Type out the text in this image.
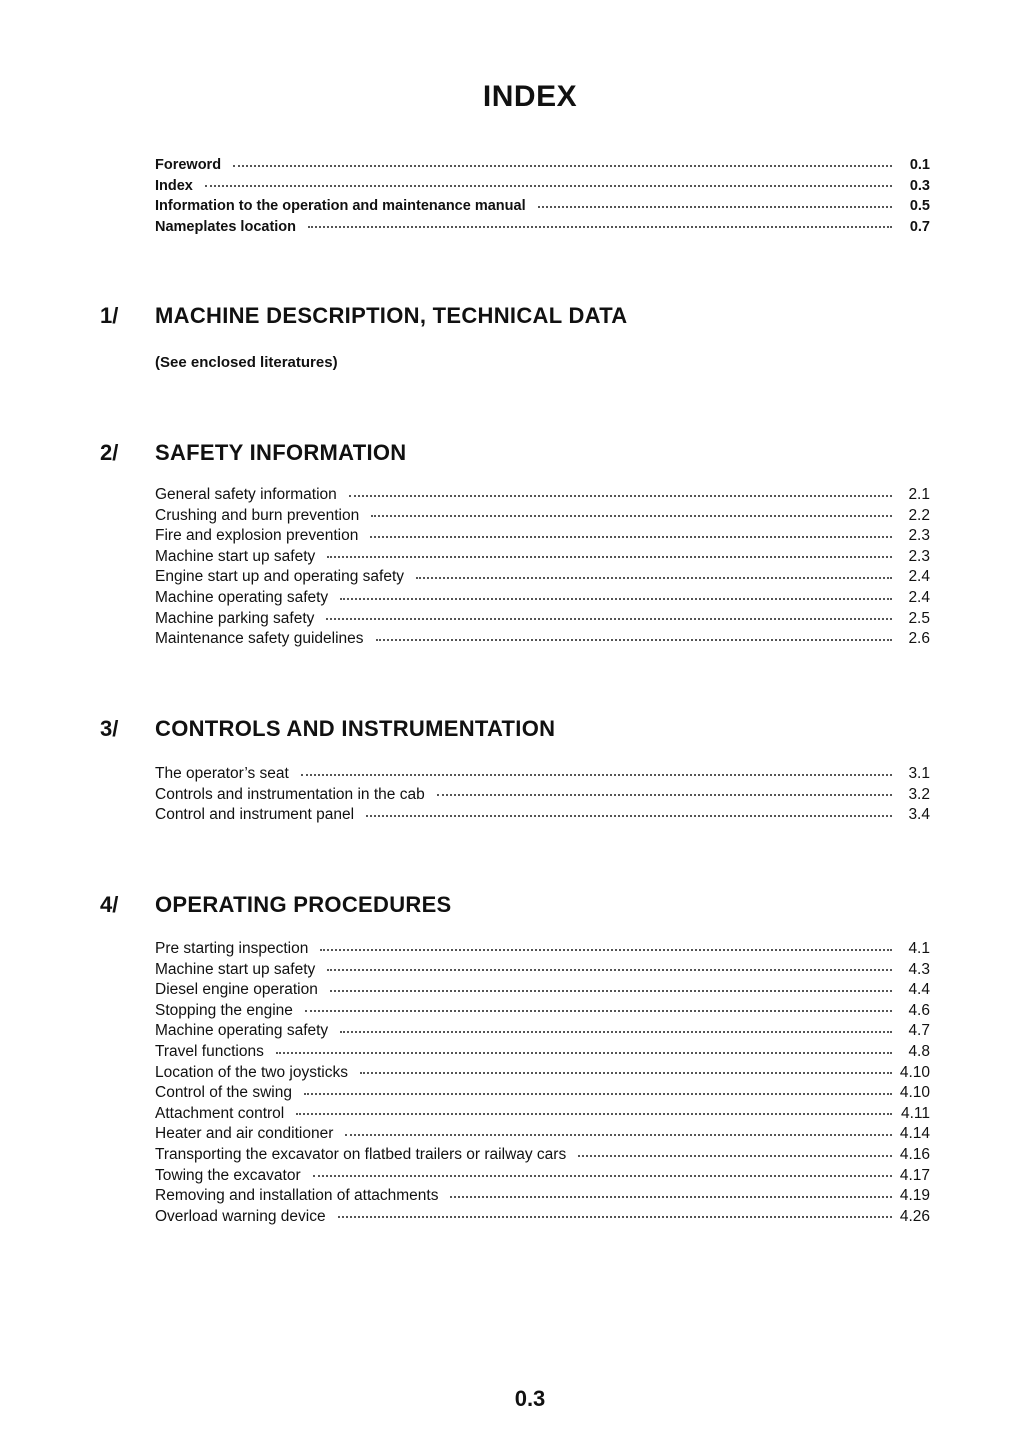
INDEX
Foreword	0.1
Index	0.3
Information to the operation and maintenance manual	0.5
Nameplates location	0.7
1/ MACHINE DESCRIPTION, TECHNICAL DATA
(See enclosed literatures)
2/ SAFETY INFORMATION
General safety information	2.1
Crushing and burn prevention	2.2
Fire and explosion prevention	2.3
Machine start up safety	2.3
Engine start up and operating safety	2.4
Machine operating safety	2.4
Machine parking safety	2.5
Maintenance safety guidelines	2.6
3/ CONTROLS AND INSTRUMENTATION
The operator’s seat	3.1
Controls and instrumentation in the cab	3.2
Control and instrument panel	3.4
4/ OPERATING PROCEDURES
Pre starting inspection	4.1
Machine start up safety	4.3
Diesel engine operation	4.4
Stopping the engine	4.6
Machine operating safety	4.7
Travel functions	4.8
Location of the two joysticks	4.10
Control of the swing	4.10
Attachment control	4.11
Heater and air conditioner	4.14
Transporting the excavator on flatbed trailers or railway cars	4.16
Towing the excavator	4.17
Removing and installation of attachments	4.19
Overload warning device	4.26
0.3
